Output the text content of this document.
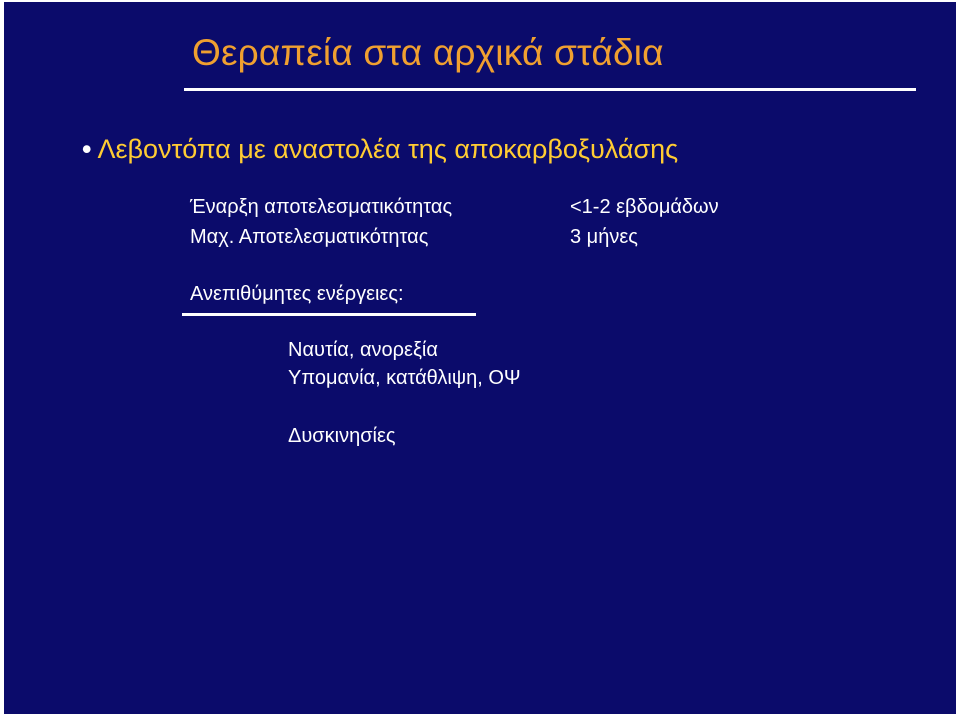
Θεραπεία στα αρχικά στάδια
• Λεβοντόπα με αναστολέα της αποκαρβοξυλάσης
Έναρξη αποτελεσματικότητας	<1-2 εβδομάδων
Μαχ. Αποτελεσματικότητας	3 μήνες
Ανεπιθύμητες ενέργειες:
Ναυτία, ανορεξία
Υπομανία, κατάθλιψη, ΟΨ
Δυσκινησίες
